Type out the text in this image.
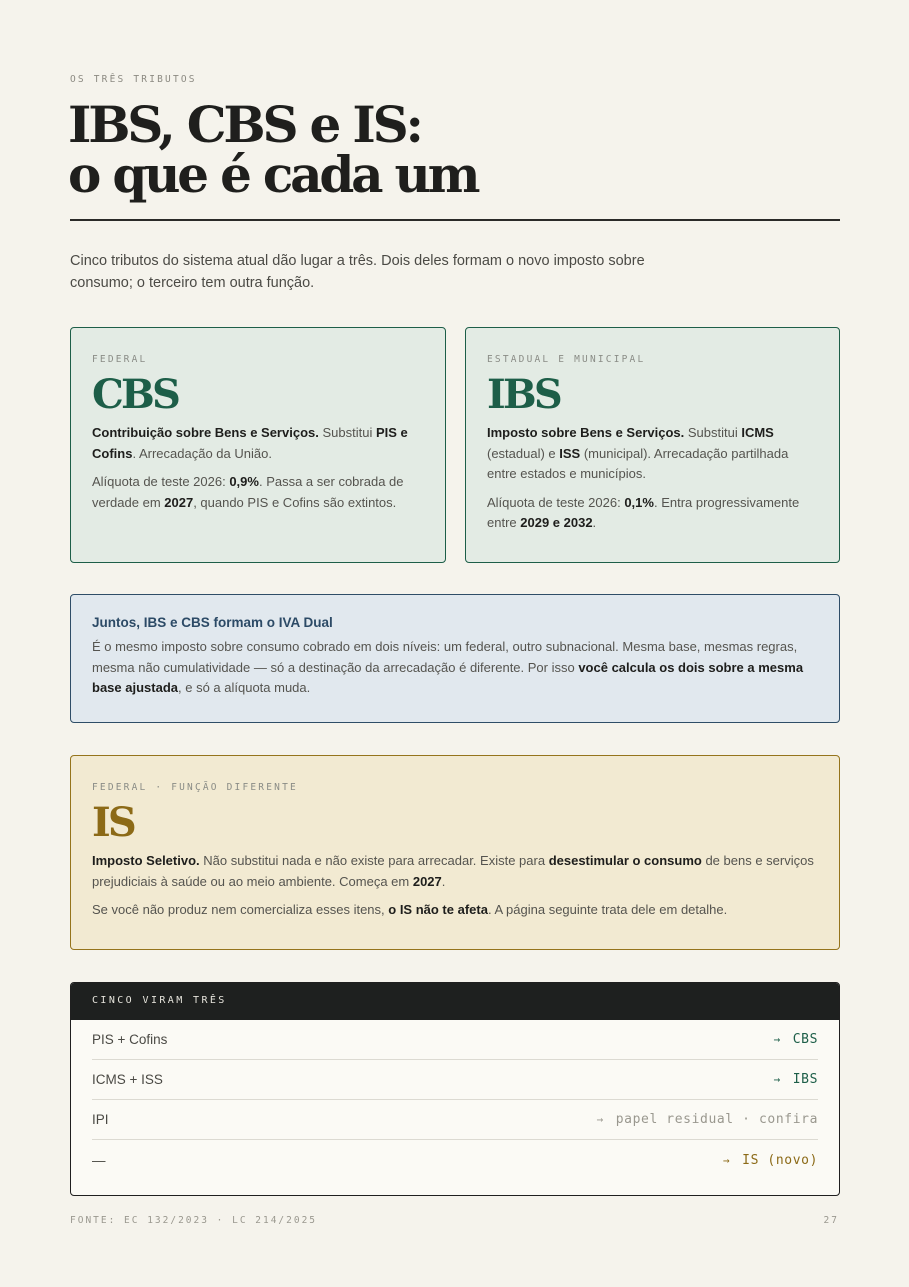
OS TRÊS TRIBUTOS
IBS, CBS e IS:
o que é cada um

Cinco tributos do sistema atual dão lugar a três. Dois deles formam o novo imposto sobre consumo; o terceiro tem outra função.

FEDERAL
CBS

Contribuição sobre Bens e Serviços. Substitui PIS e Cofins. Arrecadação da União.

Alíquota de teste 2026: 0,9%. Passa a ser cobrada de verdade em 2027, quando PIS e Cofins são extintos.

ESTADUAL E MUNICIPAL
IBS

Imposto sobre Bens e Serviços. Substitui ICMS (estadual) e ISS (municipal). Arrecadação partilhada entre estados e municípios.

Alíquota de teste 2026: 0,1%. Entra progressivamente entre 2029 e 2032.

Juntos, IBS e CBS formam o IVA Dual

É o mesmo imposto sobre consumo cobrado em dois níveis: um federal, outro subnacional. Mesma base, mesmas regras, mesma não cumulatividade — só a destinação da arrecadação é diferente. Por isso você calcula os dois sobre a mesma base ajustada, e só a alíquota muda.

FEDERAL · FUNÇÃO DIFERENTE
IS

Imposto Seletivo. Não substitui nada e não existe para arrecadar. Existe para desestimular o consumo de bens e serviços prejudiciais à saúde ou ao meio ambiente. Começa em 2027.

Se você não produz nem comercializa esses itens, o IS não te afeta. A página seguinte trata dele em detalhe.

CINCO VIRAM TRÊS
PIS + Cofins	→ CBS
ICMS + ISS	→ IBS
IPI	→ papel residual · confira
—	→ IS (novo)
FONTE: EC 132/2023 · LC 214/2025	27
